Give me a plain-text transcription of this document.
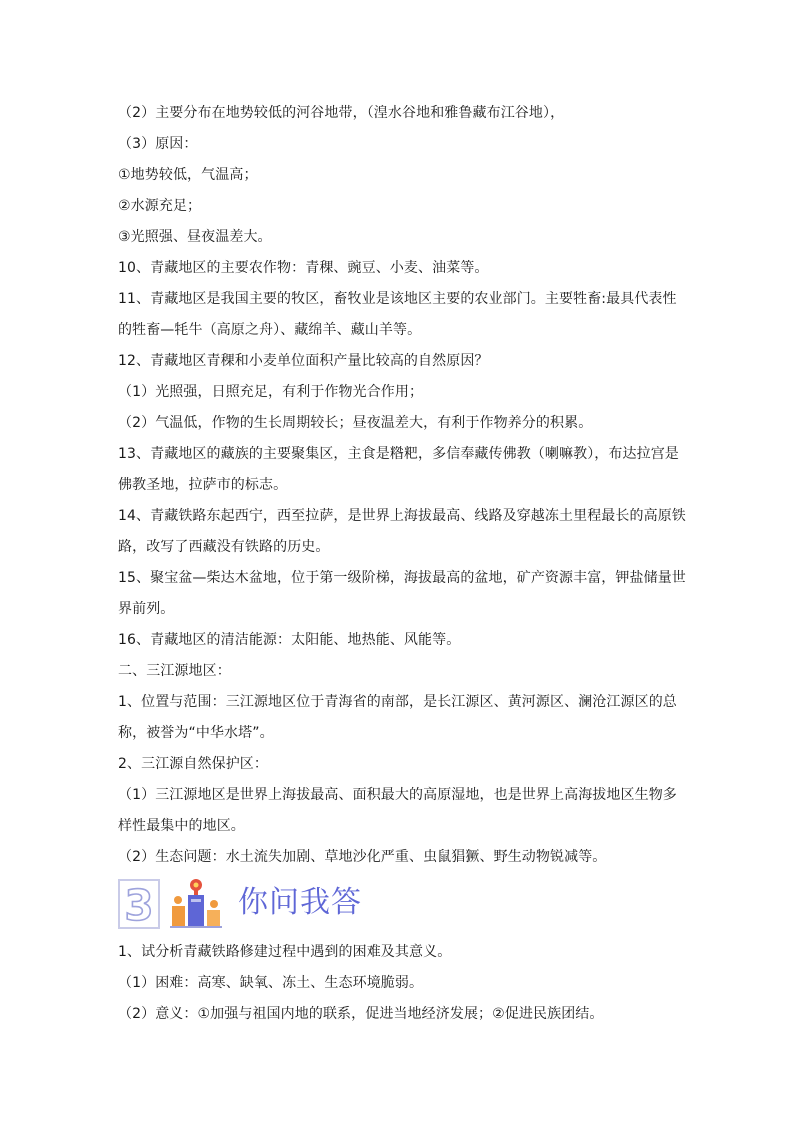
（2）主要分布在地势较低的河谷地带，（湟水谷地和雅鲁藏布江谷地），
（3）原因：
①地势较低，气温高；
②水源充足；
③光照强、昼夜温差大。
10、青藏地区的主要农作物：青稞、豌豆、小麦、油菜等。
11、青藏地区是我国主要的牧区，畜牧业是该地区主要的农业部门。主要牲畜:最具代表性
的牲畜—牦牛（高原之舟）、藏绵羊、藏山羊等。
12、青藏地区青稞和小麦单位面积产量比较高的自然原因？
（1）光照强，日照充足，有利于作物光合作用；
（2）气温低，作物的生长周期较长；昼夜温差大，有利于作物养分的积累。
13、青藏地区的藏族的主要聚集区，主食是糌粑，多信奉藏传佛教（喇嘛教），布达拉宫是
佛教圣地，拉萨市的标志。
14、青藏铁路东起西宁，西至拉萨，是世界上海拔最高、线路及穿越冻土里程最长的高原铁
路，改写了西藏没有铁路的历史。
15、聚宝盆—柴达木盆地，位于第一级阶梯，海拔最高的盆地，矿产资源丰富，钾盐储量世
界前列。
16、青藏地区的清洁能源：太阳能、地热能、风能等。
二、三江源地区：
1、位置与范围：三江源地区位于青海省的南部，是长江源区、黄河源区、澜沧江源区的总
称，被誉为“中华水塔”。
2、三江源自然保护区：
（1）三江源地区是世界上海拔最高、面积最大的高原湿地，也是世界上高海拔地区生物多
样性最集中的地区。
（2）生态问题：水土流失加剧、草地沙化严重、虫鼠猖獗、野生动物锐减等。
3	你问我答
1、试分析青藏铁路修建过程中遇到的困难及其意义。
（1）困难：高寒、缺氧、冻土、生态环境脆弱。
（2）意义：①加强与祖国内地的联系，促进当地经济发展；②促进民族团结。
